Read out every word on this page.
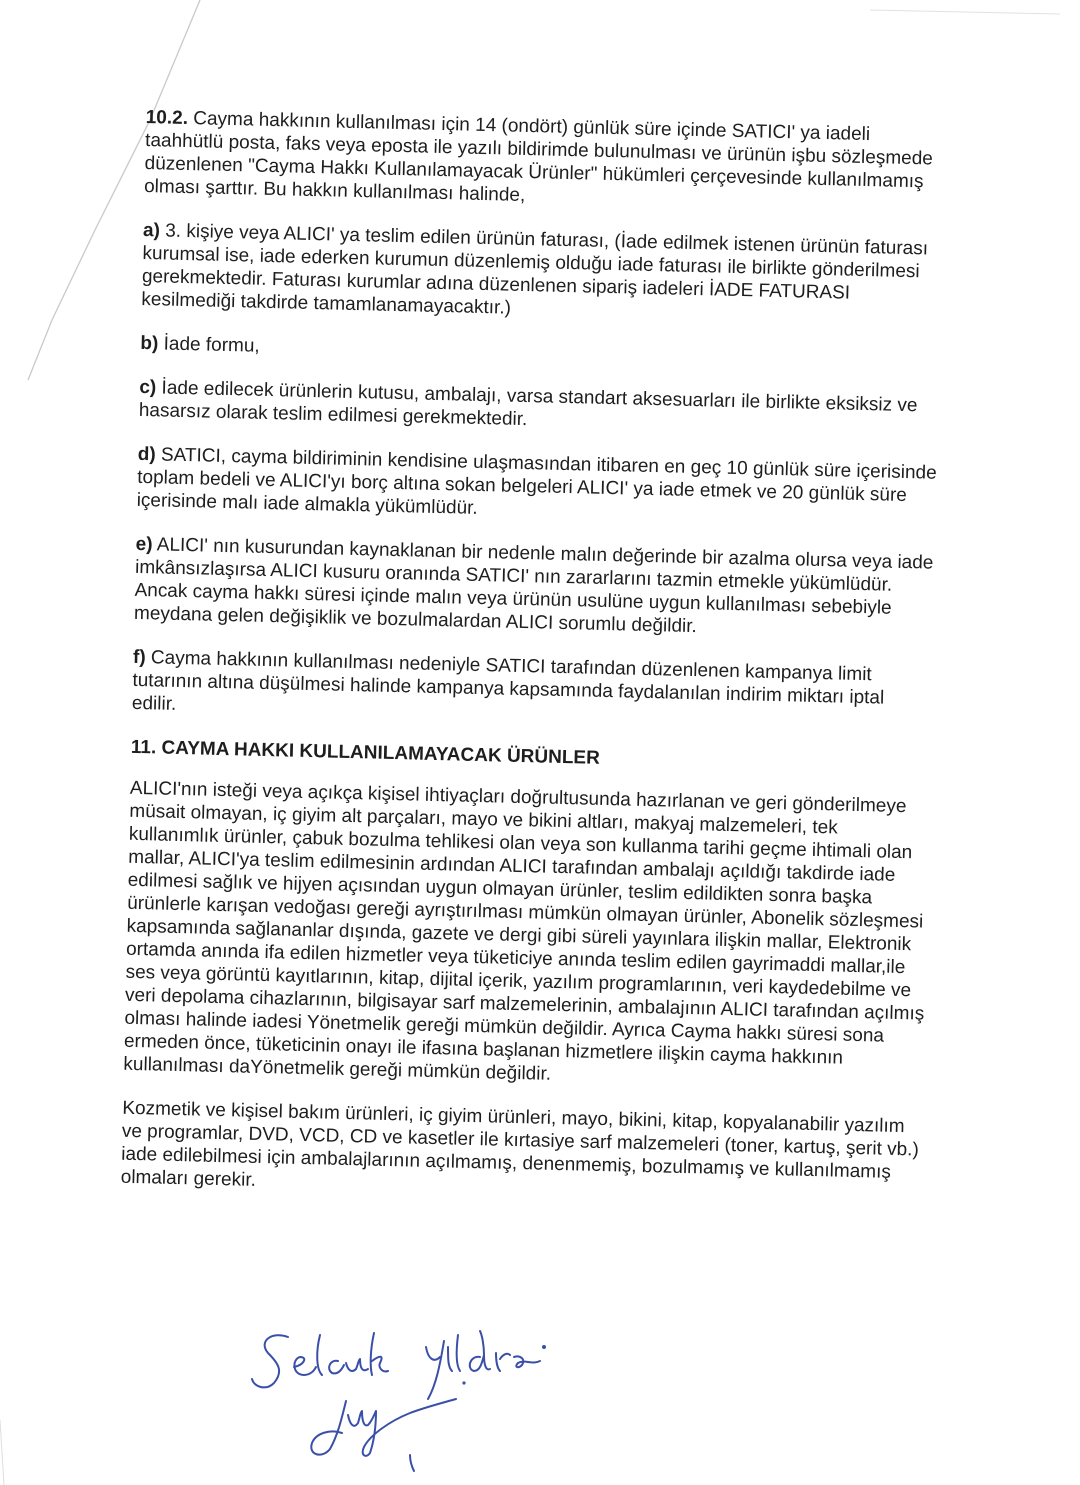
10.2. Cayma hakkının kullanılması için 14 (ondört) günlük süre içinde SATICI' ya iadeli taahhütlü posta, faks veya eposta ile yazılı bildirimde bulunulması ve ürünün işbu sözleşmede düzenlenen "Cayma Hakkı Kullanılamayacak Ürünler" hükümleri çerçevesinde kullanılmamış olması şarttır. Bu hakkın kullanılması halinde,

a) 3. kişiye veya ALICI' ya teslim edilen ürünün faturası, (İade edilmek istenen ürünün faturası kurumsal ise, iade ederken kurumun düzenlemiş olduğu iade faturası ile birlikte gönderilmesi gerekmektedir. Faturası kurumlar adına düzenlenen sipariş iadeleri İADE FATURASI kesilmediği takdirde tamamlanamayacaktır.)

b) İade formu,

c) İade edilecek ürünlerin kutusu, ambalajı, varsa standart aksesuarları ile birlikte eksiksiz ve hasarsız olarak teslim edilmesi gerekmektedir.

d) SATICI, cayma bildiriminin kendisine ulaşmasından itibaren en geç 10 günlük süre içerisinde toplam bedeli ve ALICI'yı borç altına sokan belgeleri ALICI' ya iade etmek ve 20 günlük süre içerisinde malı iade almakla yükümlüdür.

e) ALICI' nın kusurundan kaynaklanan bir nedenle malın değerinde bir azalma olursa veya iade imkânsızlaşırsa ALICI kusuru oranında SATICI' nın zararlarını tazmin etmekle yükümlüdür. Ancak cayma hakkı süresi içinde malın veya ürünün usulüne uygun kullanılması sebebiyle meydana gelen değişiklik ve bozulmalardan ALICI sorumlu değildir.

f) Cayma hakkının kullanılması nedeniyle SATICI tarafından düzenlenen kampanya limit tutarının altına düşülmesi halinde kampanya kapsamında faydalanılan indirim miktarı iptal edilir.

11. CAYMA HAKKI KULLANILAMAYACAK ÜRÜNLER

ALICI'nın isteği veya açıkça kişisel ihtiyaçları doğrultusunda hazırlanan ve geri gönderilmeye müsait olmayan, iç giyim alt parçaları, mayo ve bikini altları, makyaj malzemeleri, tek kullanımlık ürünler, çabuk bozulma tehlikesi olan veya son kullanma tarihi geçme ihtimali olan mallar, ALICI'ya teslim edilmesinin ardından ALICI tarafından ambalajı açıldığı takdirde iade edilmesi sağlık ve hijyen açısından uygun olmayan ürünler, teslim edildikten sonra başka ürünlerle karışan vedoğası gereği ayrıştırılması mümkün olmayan ürünler, Abonelik sözleşmesi kapsamında sağlananlar dışında, gazete ve dergi gibi süreli yayınlara ilişkin mallar, Elektronik ortamda anında ifa edilen hizmetler veya tüketiciye anında teslim edilen gayrimaddi mallar,ile ses veya görüntü kayıtlarının, kitap, dijital içerik, yazılım programlarının, veri kaydedebilme ve veri depolama cihazlarının, bilgisayar sarf malzemelerinin, ambalajının ALICI tarafından açılmış olması halinde iadesi Yönetmelik gereği mümkün değildir. Ayrıca Cayma hakkı süresi sona ermeden önce, tüketicinin onayı ile ifasına başlanan hizmetlere ilişkin cayma hakkının kullanılması daYönetmelik gereği mümkün değildir.

Kozmetik ve kişisel bakım ürünleri, iç giyim ürünleri, mayo, bikini, kitap, kopyalanabilir yazılım ve programlar, DVD, VCD, CD ve kasetler ile kırtasiye sarf malzemeleri (toner, kartuş, şerit vb.) iade edilebilmesi için ambalajlarının açılmamış, denenmemiş, bozulmamış ve kullanılmamış olmaları gerekir.
